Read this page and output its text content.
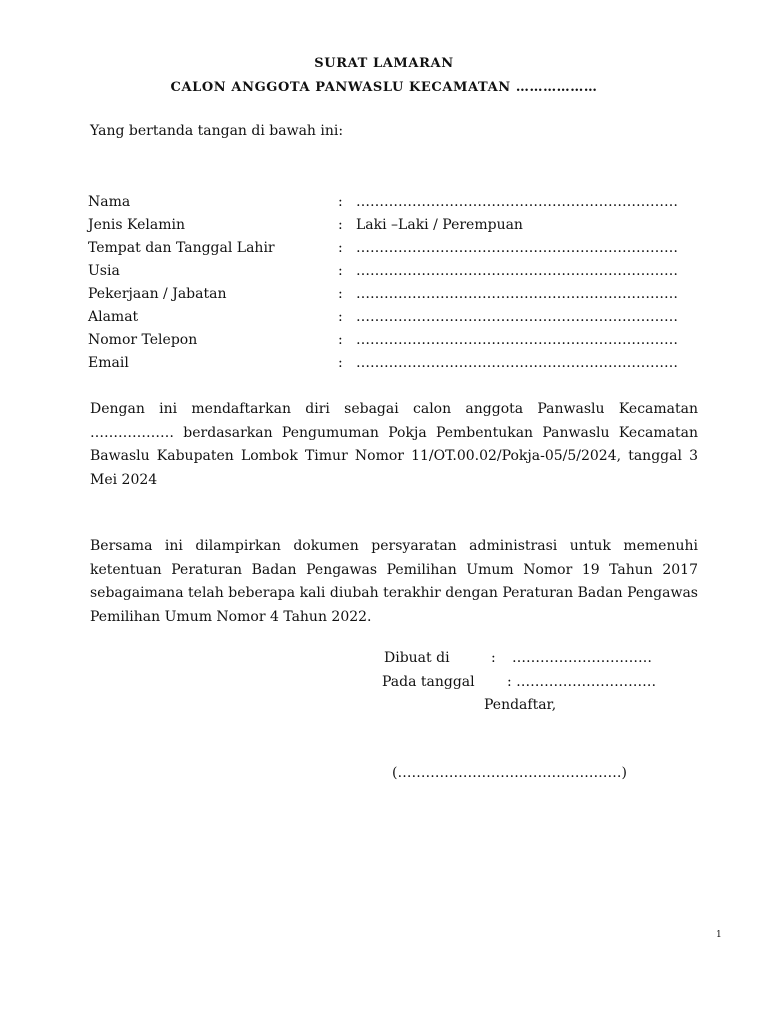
SURAT LAMARAN
CALON ANGGOTA PANWASLU KECAMATAN ………………
Yang bertanda tangan di bawah ini:
Nama	: ……………………………………………………………
Jenis Kelamin	: Laki –Laki / Perempuan
Tempat dan Tanggal Lahir	: ……………………………………………………………
Usia	: ……………………………………………………………
Pekerjaan / Jabatan	: ……………………………………………………………
Alamat	: ……………………………………………………………
Nomor Telepon	: ……………………………………………………………
Email	: ……………………………………………………………

Dengan ini mendaftarkan diri sebagai calon anggota Panwaslu Kecamatan ……………… berdasarkan Pengumuman Pokja Pembentukan Panwaslu Kecamatan Bawaslu Kabupaten Lombok Timur Nomor 11/OT.00.02/Pokja-05/5/2024, tanggal 3 Mei 2024

Bersama ini dilampirkan dokumen persyaratan administrasi untuk memenuhi ketentuan Peraturan Badan Pengawas Pemilihan Umum Nomor 19 Tahun 2017 sebagaimana telah beberapa kali diubah terakhir dengan Peraturan Badan Pengawas Pemilihan Umum Nomor 4 Tahun 2022.

Dibuat di	: …………………………
Pada tanggal : …………………………
Pendaftar,
(…………………………………………)
1
